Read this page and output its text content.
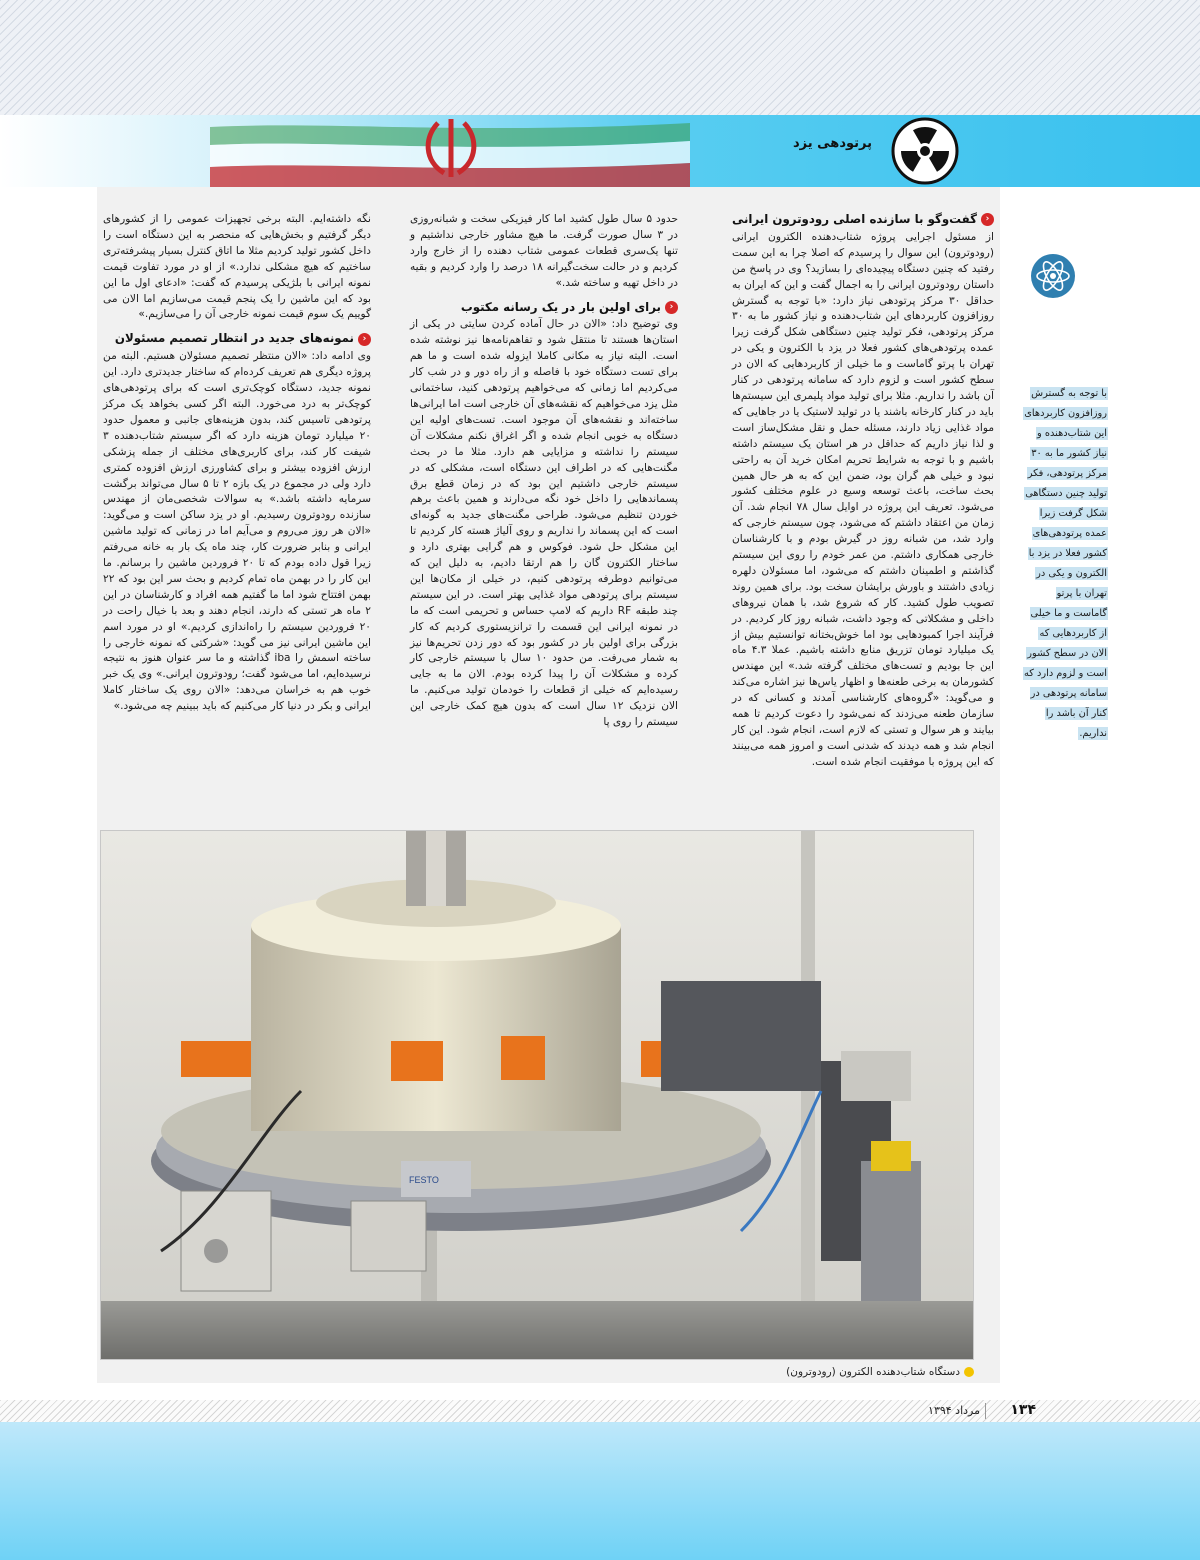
پرتودهی یزد
‹
گفت‌وگو با سازنده اصلی رودوترون ایرانی

از مسئول اجرایی پروژه شتاب‌دهنده الکترون ایرانی (رودوترون) این سوال را پرسیدم که اصلا چرا به این سمت رفتید که چنین دستگاه پیچیده‌ای را بسازید؟ وی در پاسخ من داستان رودوترون ایرانی را به اجمال گفت و این که ایران به حداقل ۳۰ مرکز پرتودهی نیاز دارد: «با توجه به گسترش روزافزون کاربردهای این شتاب‌دهنده و نیاز کشور ما به ۳۰ مرکز پرتودهی، فکر تولید چنین دستگاهی شکل گرفت زیرا عمده پرتودهی‌های کشور فعلا در یزد با الکترون و یکی در تهران با پرتو گاماست و ما خیلی از کاربردهایی که الان در سطح کشور است و لزوم دارد که سامانه پرتودهی در کنار آن باشد را نداریم. مثلا برای تولید مواد پلیمری این سیستم‌ها باید در کنار کارخانه باشند یا در تولید لاستیک یا در جاهایی که مواد غذایی زیاد دارند، مسئله حمل و نقل مشکل‌ساز است و لذا نیاز داریم که حداقل در هر استان یک سیستم داشته باشیم و با توجه به شرایط تحریم امکان خرید آن به راحتی نبود و خیلی هم گران بود، ضمن این که به هر حال همین بحث ساخت، باعث توسعه وسیع در علوم مختلف کشور می‌شود. تعریف این پروژه در اوایل سال ۷۸ انجام شد. آن زمان من اعتقاد داشتم که می‌شود، چون سیستم خارجی که وارد شد، من شبانه روز در گیرش بودم و با کارشناسان خارجی همکاری داشتم. من عمر خودم را روی این سیستم گذاشتم و اطمینان داشتم که می‌شود، اما مسئولان دلهره زیادی داشتند و باورش برایشان سخت بود. برای همین روند تصویب طول کشید. کار که شروع شد، با همان نیروهای داخلی و مشکلاتی که وجود داشت، شبانه روز کار کردیم. در فرآیند اجرا کمبودهایی بود اما خوش‌بختانه توانستیم بیش از یک میلیارد تومان تزریق منابع داشته باشیم. عملا ۴.۳ ماه این جا بودیم و تست‌های مختلف گرفته شد.» این مهندس کشورمان به برخی طعنه‌ها و اظهار یاس‌ها نیز اشاره می‌کند و می‌گوید: «گروه‌های کارشناسی آمدند و کسانی که در سازمان طعنه می‌زدند که نمی‌شود را دعوت کردیم تا همه بیایند و هر سوال و تستی که لازم است، انجام شود. این کار انجام شد و همه دیدند که شدنی است و امروز همه می‌بینند که این پروژه با موفقیت انجام شده است.

حدود ۵ سال طول کشید اما کار فیزیکی سخت و شبانه‌روزی در ۳ سال صورت گرفت. ما هیچ مشاور خارجی نداشتیم و تنها یک‌سری قطعات عمومی شتاب دهنده را از خارج وارد کردیم و در حالت سخت‌گیرانه ۱۸ درصد را وارد کردیم و بقیه در داخل تهیه و ساخته شد.»

‹
برای اولین بار در یک رسانه مکتوب

وی توضیح داد: «الان در حال آماده کردن سایتی در یکی از استان‌ها هستند تا منتقل شود و تفاهم‌نامه‌ها نیز نوشته شده است. البته نیاز به مکانی کاملا ایزوله شده است و ما هم برای تست دستگاه خود با فاصله و از راه دور و در شب کار می‌کردیم اما زمانی که می‌خواهیم پرتودهی کنید، ساختمانی مثل یزد می‌خواهیم که نقشه‌های آن خارجی است اما ایرانی‌ها ساخته‌اند و نقشه‌های آن موجود است. تست‌های اولیه این دستگاه به خوبی انجام شده و اگر اغراق نکنم مشکلات آن سیستم را نداشته و مزایایی هم دارد. مثلا ما در بحث مگنت‌هایی که در اطراف این دستگاه است، مشکلی که در سیستم خارجی داشتیم این بود که در زمان قطع برق پسماندهایی را داخل خود نگه می‌دارند و همین باعث برهم خوردن تنظیم می‌شود. طراحی مگنت‌های جدید به گونه‌ای است که این پسماند را نداریم و روی آلیاژ هسته کار کردیم تا این مشکل حل شود. فوکوس و هم گرایی بهتری دارد و ساختار الکترون گان را هم ارتقا دادیم، به دلیل این که می‌توانیم دوطرفه پرتودهی کنیم، در خیلی از مکان‌ها این سیستم برای پرتودهی مواد غذایی بهتر است. در این سیستم چند طبقه RF داریم که لامپ حساس و تحریمی است که ما در نمونه ایرانی این قسمت را ترانزیستوری کردیم که کار بزرگی برای اولین بار در کشور بود که دور زدن تحریم‌ها نیز به شمار می‌رفت. من حدود ۱۰ سال با سیستم خارجی کار کرده و مشکلات آن را پیدا کرده بودم. الان ما به جایی رسیده‌ایم که خیلی از قطعات را خودمان تولید می‌کنیم. ما الان نزدیک ۱۲ سال است که بدون هیچ کمک خارجی این سیستم را روی پا

نگه داشته‌ایم. البته برخی تجهیزات عمومی را از کشورهای دیگر گرفتیم و بخش‌هایی که منحصر به این دستگاه است را داخل کشور تولید کردیم مثلا ما اتاق کنترل بسیار پیشرفته‌تری ساختیم که هیچ مشکلی ندارد.» از او در مورد تفاوت قیمت نمونه ایرانی با بلژیکی پرسیدم که گفت: «ادعای اول ما این بود که این ماشین را یک پنجم قیمت می‌سازیم اما الان می گوییم یک سوم قیمت نمونه خارجی آن را می‌سازیم.»

‹
نمونه‌های جدید در انتظار تصمیم مسئولان

وی ادامه داد: «الان منتظر تصمیم مسئولان هستیم. البته من پروژه دیگری هم تعریف کرده‌ام که ساختار جدیدتری دارد. این نمونه جدید، دستگاه کوچک‌تری است که برای پرتودهی‌های کوچک‌تر به درد می‌خورد. البته اگر کسی بخواهد یک مرکز پرتودهی تاسیس کند، بدون هزینه‌های جانبی و معمول حدود ۲۰ میلیارد تومان هزینه دارد که اگر سیستم شتاب‌دهنده ۳ شیفت کار کند، برای کاربری‌های مختلف از جمله پزشکی ارزش افزوده بیشتر و برای کشاورزی ارزش افزوده کمتری دارد ولی در مجموع در یک بازه ۲ تا ۵ سال می‌تواند برگشت سرمایه داشته باشد.» به سوالات شخصی‌مان از مهندس سازنده رودوترون رسیدیم. او در یزد ساکن است و می‌گوید: «الان هر روز می‌روم و می‌آیم اما در زمانی که تولید ماشین ایرانی و بنابر ضرورت کار، چند ماه یک بار به خانه می‌رفتم زیرا قول داده بودم که تا ۲۰ فروردین ماشین را برسانم. ما این کار را در بهمن ماه تمام کردیم و بحث سر این بود که ۲۲ بهمن افتتاح شود اما ما گفتیم همه افراد و کارشناسان در این ۲ ماه هر تستی که دارند، انجام دهند و بعد با خیال راحت در ۲۰ فروردین سیستم را راه‌اندازی کردیم.» او در مورد اسم این ماشین ایرانی نیز می گوید: «شرکتی که نمونه خارجی را ساخته اسمش را iba گذاشته و ما سر عنوان هنوز به نتیجه نرسیده‌ایم، اما می‌شود گفت؛ رودوترون ایرانی.» وی یک خبر خوب هم به خراسان می‌دهد: «الان روی یک ساختار کاملا ایرانی و بکر در دنیا کار می‌کنیم که باید ببینیم چه می‌شود.»

با توجه به گسترش روزافزون کاربردهای این شتاب‌دهنده و نیاز کشور ما به ۳۰ مرکز پرتودهی، فکر تولید چنین دستگاهی شکل گرفت زیرا عمده پرتودهی‌های کشور فعلا در یزد با الکترون و یکی در تهران با پرتو گاماست و ما خیلی از کاربردهایی که الان در سطح کشور است و لزوم دارد که سامانه پرتودهی در کنار آن باشد را نداریم.
FESTO
دستگاه شتاب‌دهنده الکترون (رودوترون)
۱۳۴
مرداد ۱۳۹۴
